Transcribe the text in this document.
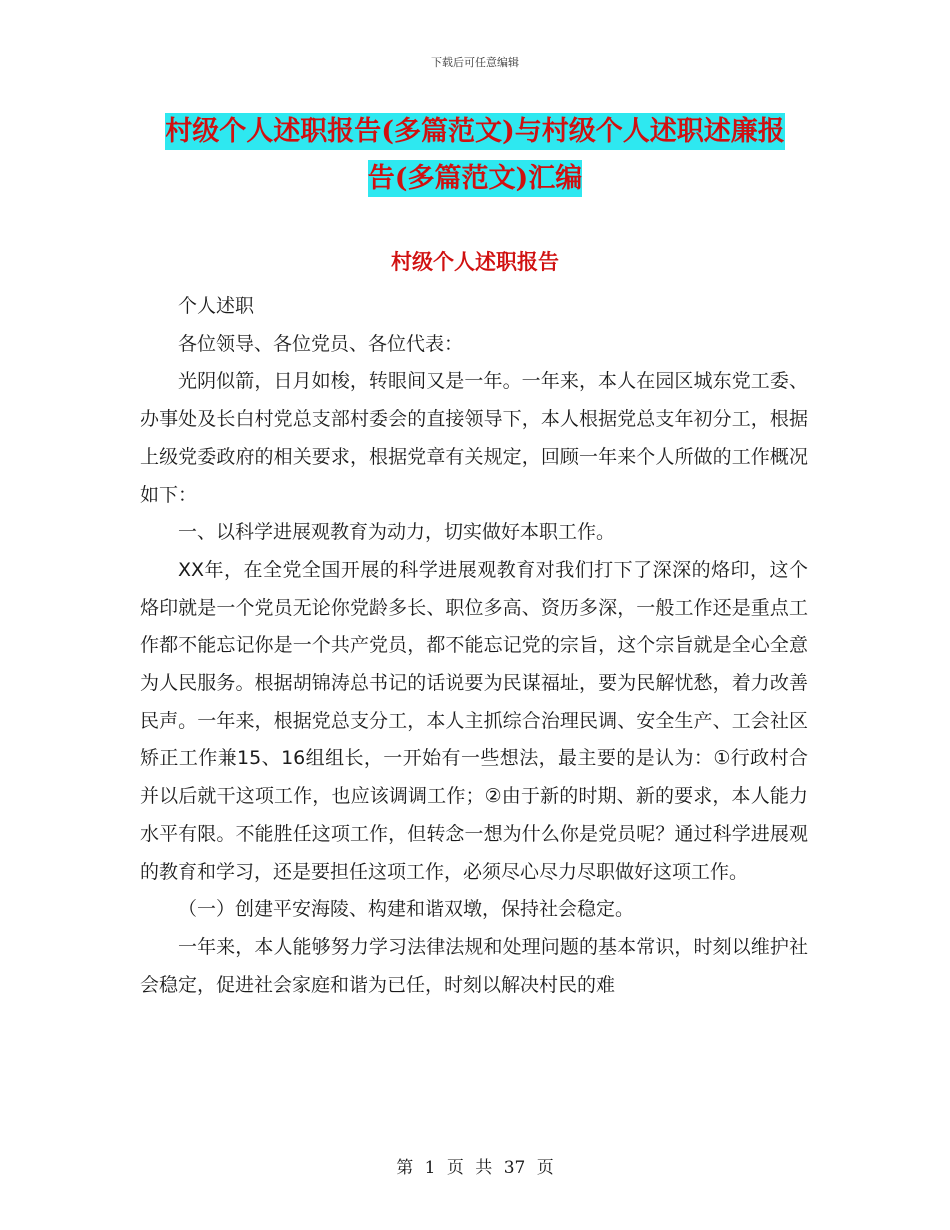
下载后可任意编辑
村级个人述职报告(多篇范文)与村级个人述职述廉报
告(多篇范文)汇编
村级个人述职报告

个人述职

各位领导、各位党员、各位代表：

光阴似箭，日月如梭，转眼间又是一年。一年来，本人在园区城东党工委、办事处及长白村党总支部村委会的直接领导下，本人根据党总支年初分工，根据上级党委政府的相关要求，根据党章有关规定，回顾一年来个人所做的工作概况如下：

一、以科学进展观教育为动力，切实做好本职工作。

XX年，在全党全国开展的科学进展观教育对我们打下了深深的烙印，这个烙印就是一个党员无论你党龄多长、职位多高、资历多深，一般工作还是重点工作都不能忘记你是一个共产党员，都不能忘记党的宗旨，这个宗旨就是全心全意为人民服务。根据胡锦涛总书记的话说要为民谋福址，要为民解忧愁，着力改善民声。一年来，根据党总支分工，本人主抓综合治理民调、安全生产、工会社区矫正工作兼15、16组组长，一开始有一些想法，最主要的是认为：①行政村合并以后就干这项工作，也应该调调工作；②由于新的时期、新的要求，本人能力水平有限。不能胜任这项工作，但转念一想为什么你是党员呢？通过科学进展观的教育和学习，还是要担任这项工作，必须尽心尽力尽职做好这项工作。

（一）创建平安海陵、构建和谐双墩，保持社会稳定。

一年来，本人能够努力学习法律法规和处理问题的基本常识，时刻以维护社会稳定，促进社会家庭和谐为已任，时刻以解决村民的难

第 1 页 共 37 页
